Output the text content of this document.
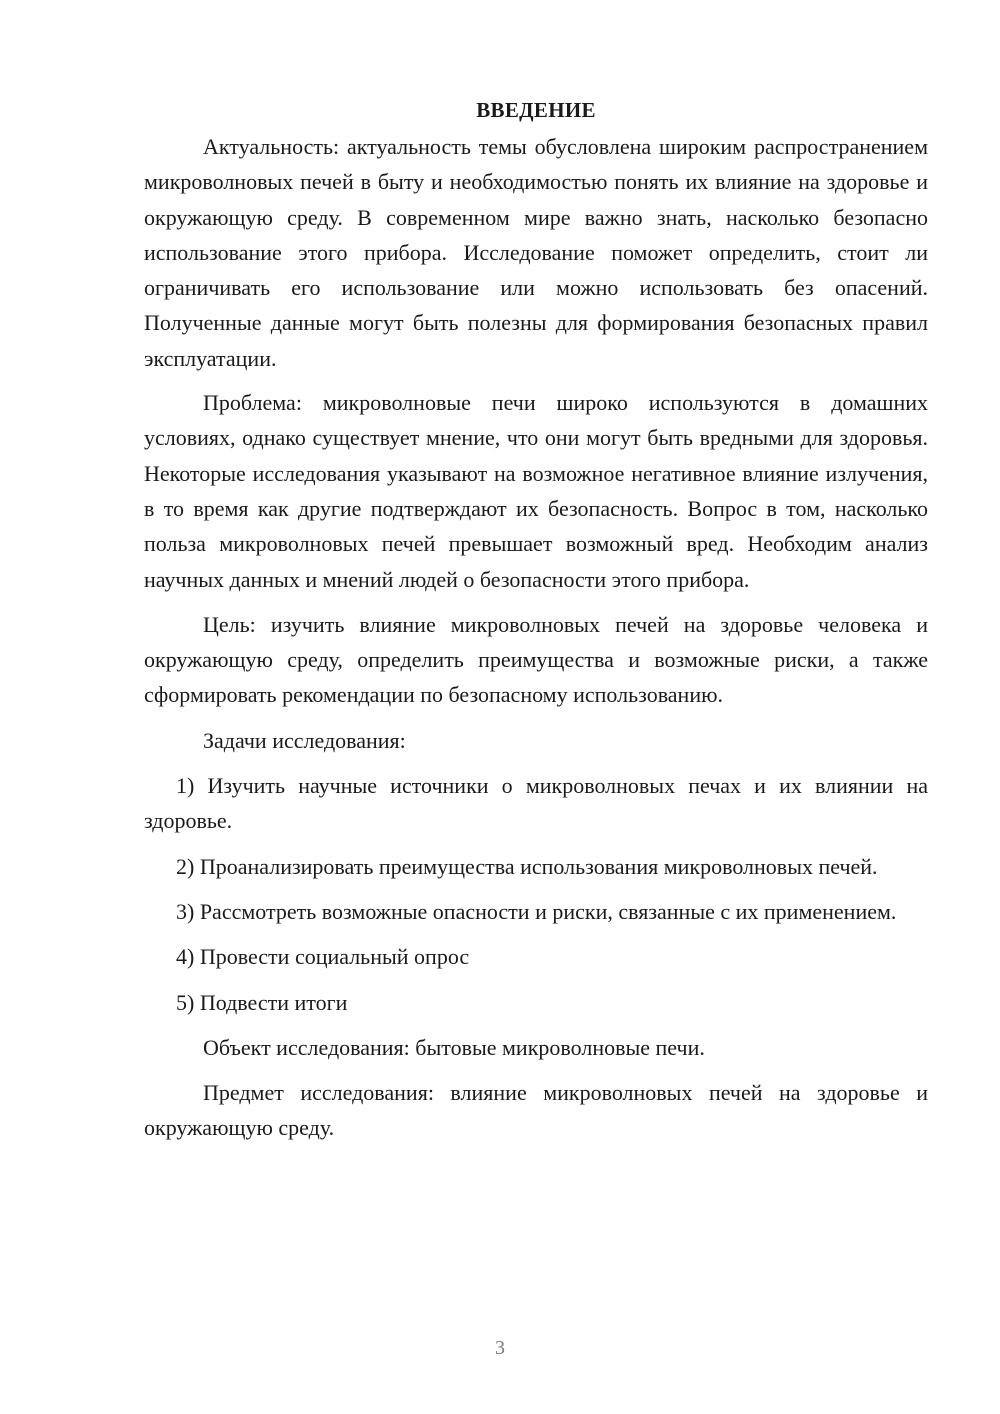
ВВЕДЕНИЕ

Актуальность: актуальность темы обусловлена широким распространением микроволновых печей в быту и необходимостью понять их влияние на здоровье и окружающую среду. В современном мире важно знать, насколько безопасно использование этого прибора. Исследование поможет определить, стоит ли ограничивать его использование или можно использовать без опасений. Полученные данные могут быть полезны для формирования безопасных правил эксплуатации.

Проблема: микроволновые печи широко используются в домашних условиях, однако существует мнение, что они могут быть вредными для здоровья. Некоторые исследования указывают на возможное негативное влияние излучения, в то время как другие подтверждают их безопасность. Вопрос в том, насколько польза микроволновых печей превышает возможный вред. Необходим анализ научных данных и мнений людей о безопасности этого прибора.

Цель: изучить влияние микроволновых печей на здоровье человека и окружающую среду, определить преимущества и возможные риски, а также сформировать рекомендации по безопасному использованию.

Задачи исследования:

1) Изучить научные источники о микроволновых печах и их влиянии на здоровье.

2) Проанализировать преимущества использования микроволновых печей.

3) Рассмотреть возможные опасности и риски, связанные с их применением.

4) Провести социальный опрос

5) Подвести итоги

Объект исследования: бытовые микроволновые печи.

Предмет исследования: влияние микроволновых печей на здоровье и окружающую среду.

3
